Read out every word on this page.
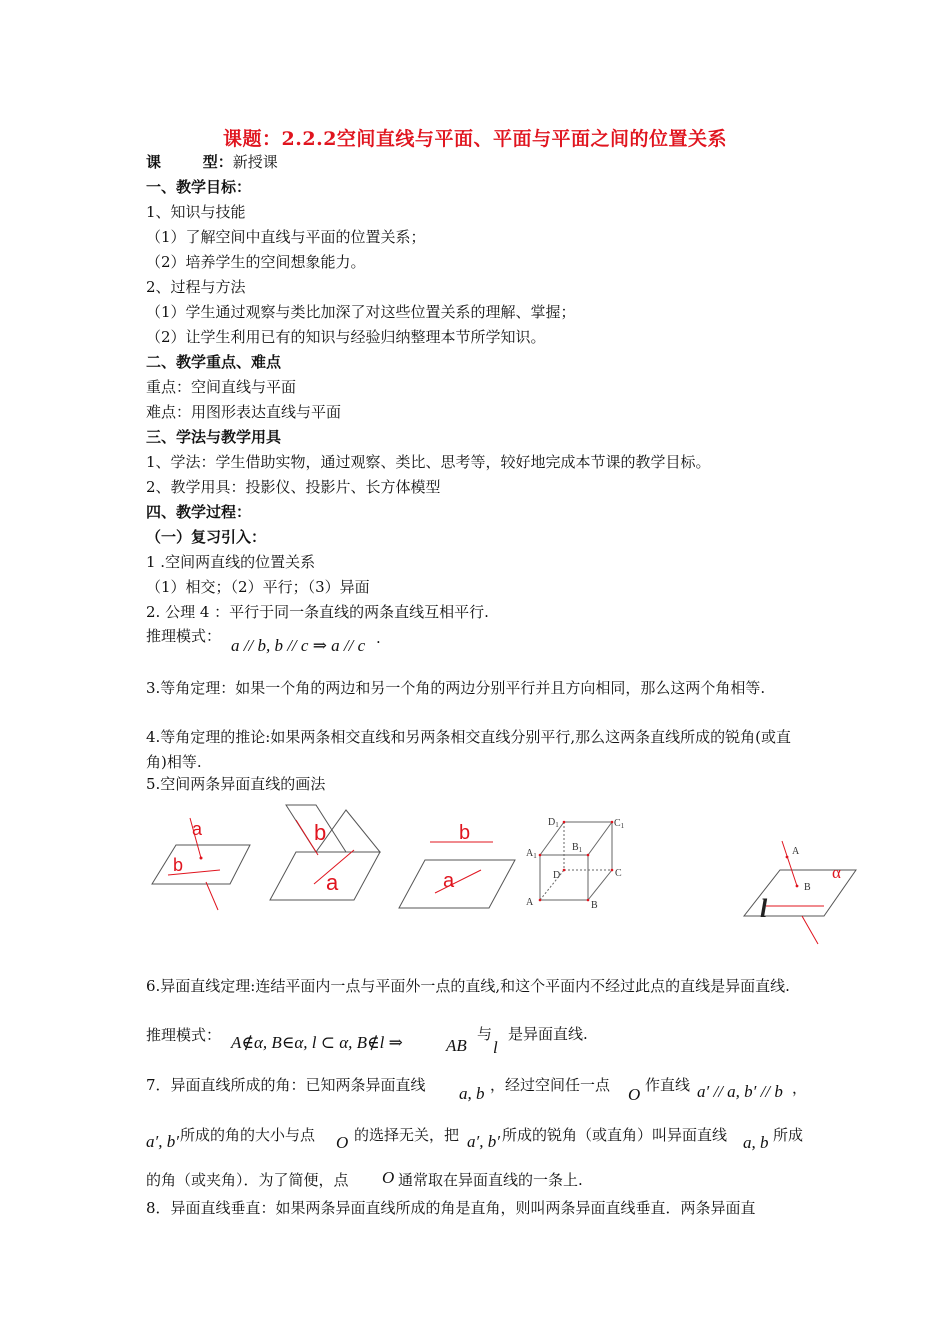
课题：2.2.2空间直线与平面、平面与平面之间的位置关系
课        型：新授课
一、教学目标：
1、知识与技能
（1）了解空间中直线与平面的位置关系；
（2）培养学生的空间想象能力。
2、过程与方法
（1）学生通过观察与类比加深了对这些位置关系的理解、掌握；
（2）让学生利用已有的知识与经验归纳整理本节所学知识。
二、教学重点、难点
重点：空间直线与平面
难点：用图形表达直线与平面
三、学法与教学用具
1、学法：学生借助实物，通过观察、类比、思考等，较好地完成本节课的教学目标。
2、教学用具：投影仪、投影片、长方体模型
四、教学过程：
（一）复习引入：
1 .空间两直线的位置关系
（1）相交；（2）平行；（3）异面
2. 公理 4 ：平行于同一条直线的两条直线互相平行.
推理模式： a // b, b // c ⇒ a // c .
3.等角定理：如果一个角的两边和另一个角的两边分别平行并且方向相同，那么这两个角相等.
4.等角定理的推论:如果两条相交直线和另两条相交直线分别平行,那么这两条直线所成的锐角(或直角)相等.
5.空间两条异面直线的画法
a
b
b
a
b
a
$D_1$	$C_1$
$A_1$
$B_1$
D	C
A	B
A
B
α
l
6.异面直线定理:连结平面内一点与平面外一点的直线,和这个平面内不经过此点的直线是异面直线.
推理模式： A∉α, B∈α, l ⊂ α, B∉l ⇒	AB
与
l
是异面直线.
7．异面直线所成的角：已知两条异面直线 a, b ，经过空间任一点 O 作直线 a′ // a, b′ // b ，
a′, b′ 所成的角的大小与点 O 的选择无关，把 a′, b′ 所成的锐角（或直角）叫异面直线 a, b 所成
的角（或夹角）．为了简便，点 O 通常取在异面直线的一条上.
8．异面直线垂直：如果两条异面直线所成的角是直角，则叫两条异面直线垂直．两条异面直
